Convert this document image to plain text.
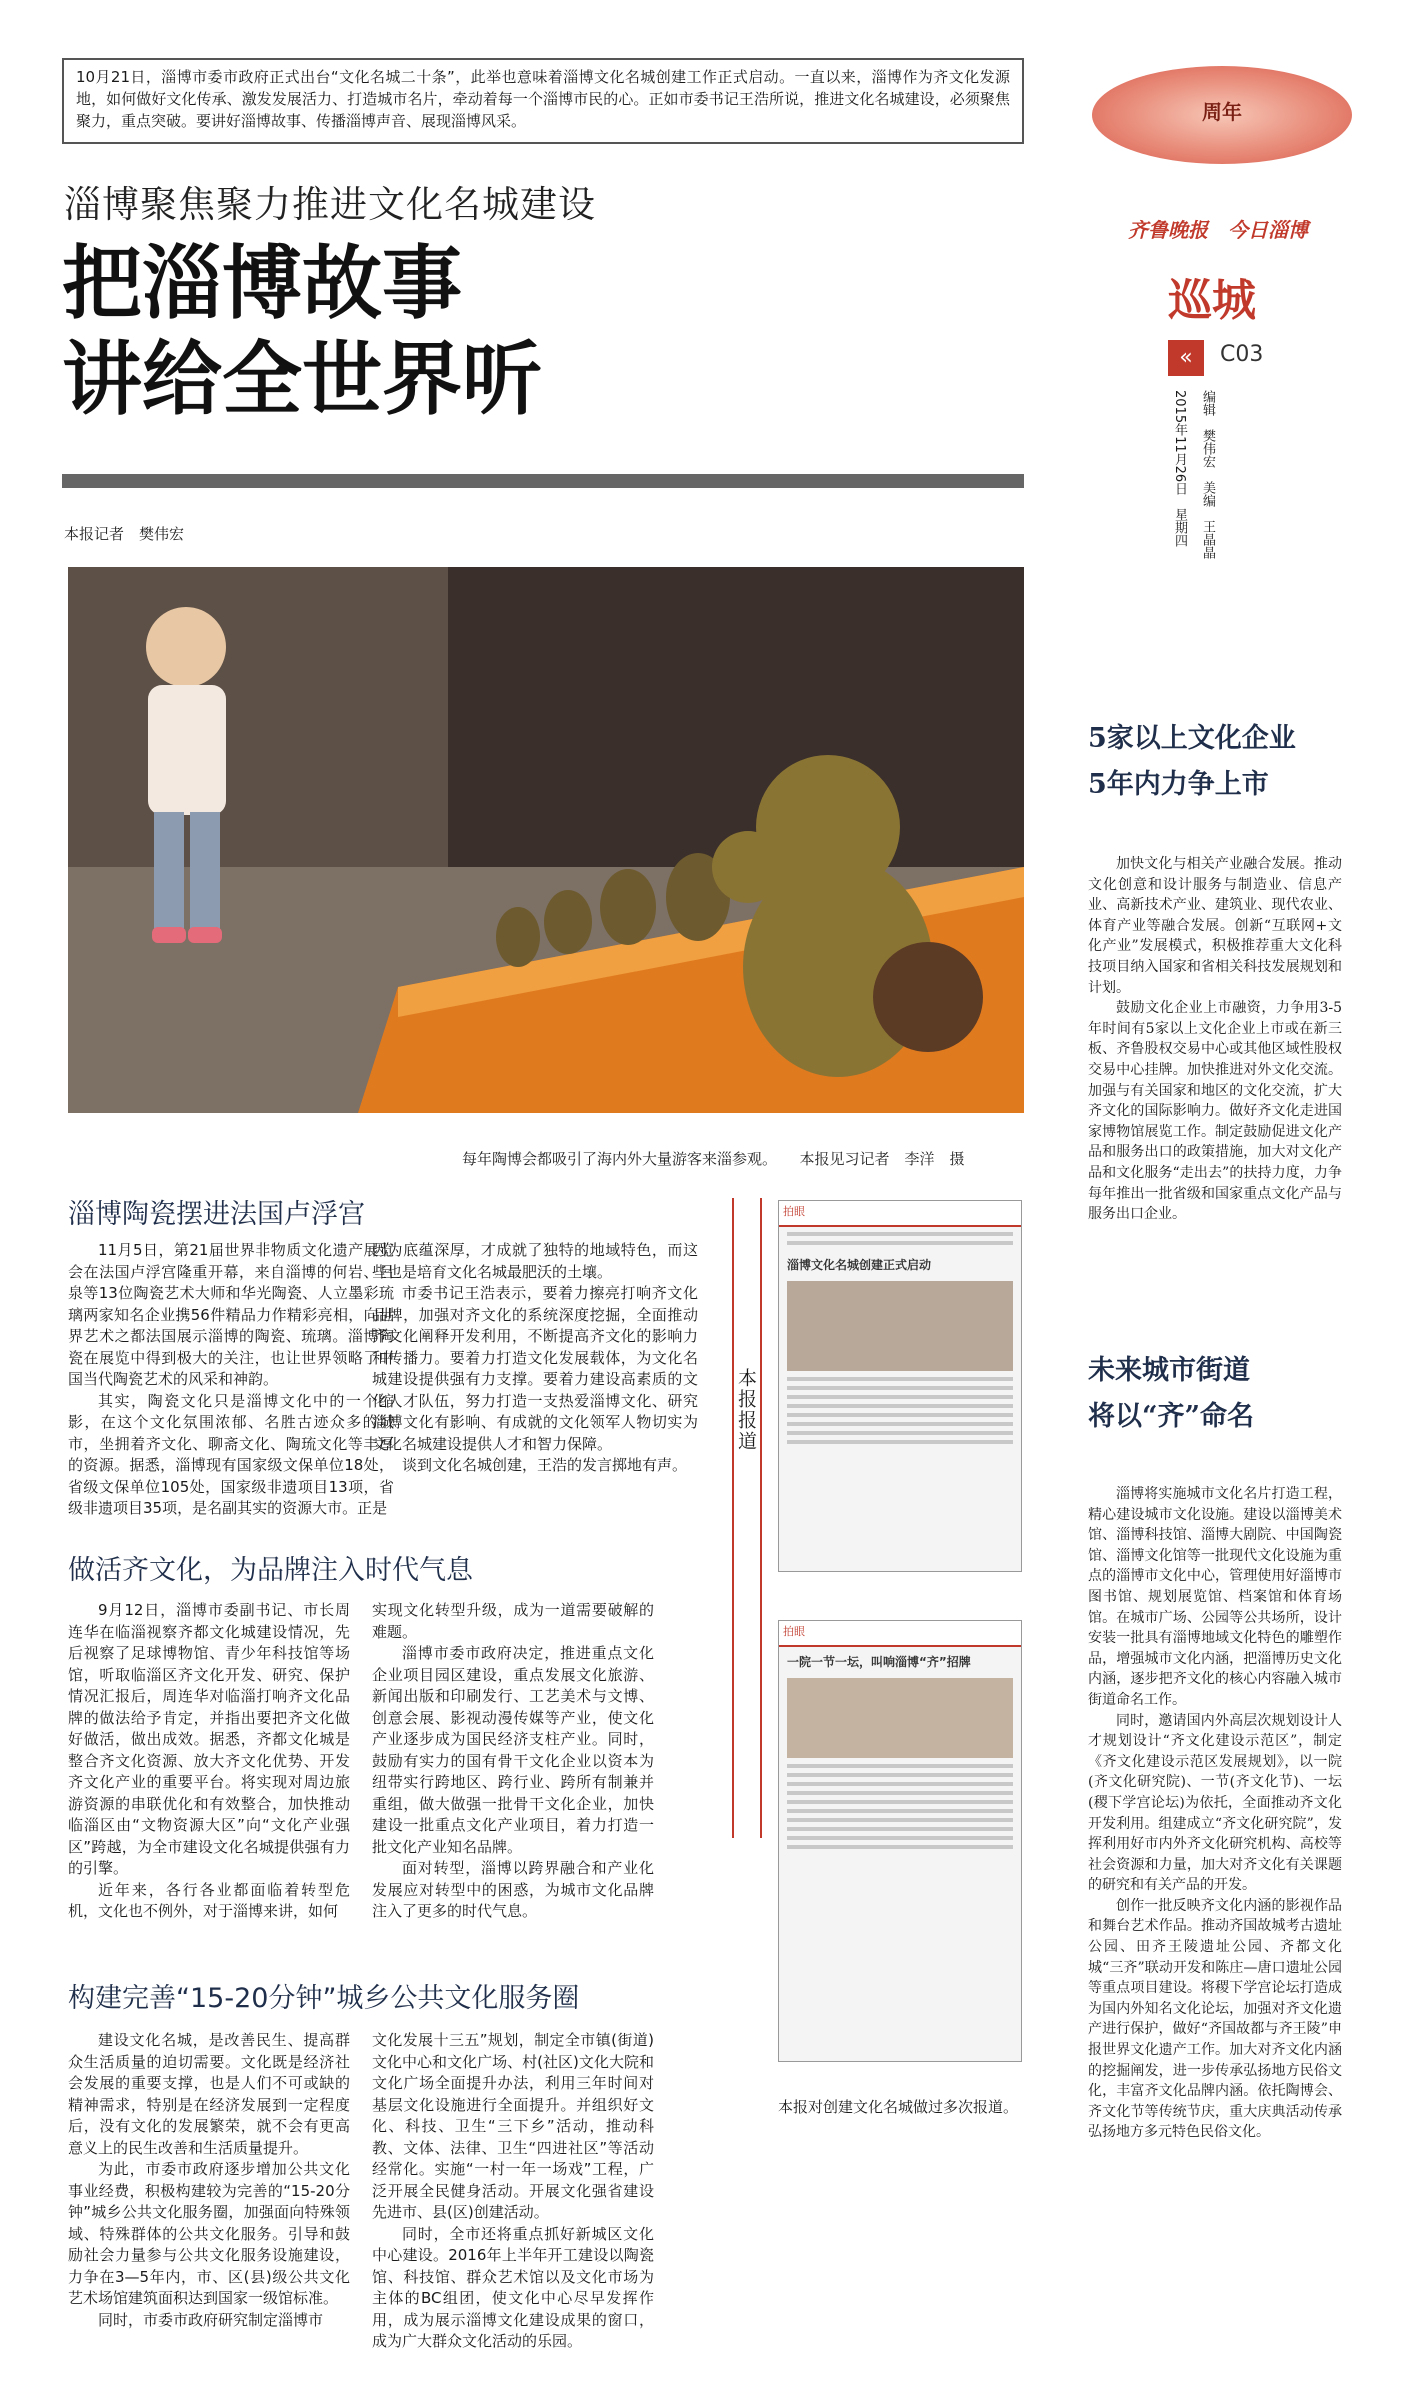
10月21日，淄博市委市政府正式出台“文化名城二十条”，此举也意味着淄博文化名城创建工作正式启动。一直以来，淄博作为齐文化发源地，如何做好文化传承、激发发展活力、打造城市名片，牵动着每一个淄博市民的心。正如市委书记王浩所说，推进文化名城建设，必须聚焦聚力，重点突破。要讲好淄博故事、传播淄博声音、展现淄博风采。
淄博聚焦聚力推进文化名城建设
把淄博故事
讲给全世界听
本报记者　樊伟宏
每年陶博会都吸引了海内外大量游客来淄参观。　　本报见习记者　李洋　摄
淄博陶瓷摆进法国卢浮宫

11月5日，第21届世界非物质文化遗产展览会在法国卢浮宫隆重开幕，来自淄博的何岩、吕泉等13位陶瓷艺术大师和华光陶瓷、人立墨彩琉璃两家知名企业携56件精品力作精彩亮相，向世界艺术之都法国展示淄博的陶瓷、琉璃。淄博陶瓷在展览中得到极大的关注，也让世界领略了中国当代陶瓷艺术的风采和神韵。

其实，陶瓷文化只是淄博文化中的一个缩影，在这个文化氛围浓郁、名胜古迹众多的城市，坐拥着齐文化、聊斋文化、陶琉文化等丰厚的资源。据悉，淄博现有国家级文保单位18处，省级文保单位105处，国家级非遗项目13项，省级非遗项目35项，是名副其实的资源大市。正是

因为底蕴深厚，才成就了独特的地域特色，而这些也是培育文化名城最肥沃的土壤。

市委书记王浩表示，要着力擦亮打响齐文化品牌，加强对齐文化的系统深度挖掘，全面推动齐文化阐释开发利用，不断提高齐文化的影响力和传播力。要着力打造文化发展载体，为文化名城建设提供强有力支撑。要着力建设高素质的文化人才队伍，努力打造一支热爱淄博文化、研究淄博文化有影响、有成就的文化领军人物切实为文化名城建设提供人才和智力保障。

谈到文化名城创建，王浩的发言掷地有声。

做活齐文化，为品牌注入时代气息

9月12日，淄博市委副书记、市长周连华在临淄视察齐都文化城建设情况，先后视察了足球博物馆、青少年科技馆等场馆，听取临淄区齐文化开发、研究、保护情况汇报后，周连华对临淄打响齐文化品牌的做法给予肯定，并指出要把齐文化做好做活，做出成效。据悉，齐都文化城是整合齐文化资源、放大齐文化优势、开发齐文化产业的重要平台。将实现对周边旅游资源的串联优化和有效整合，加快推动临淄区由“文物资源大区”向“文化产业强区”跨越，为全市建设文化名城提供强有力的引擎。

近年来，各行各业都面临着转型危机，文化也不例外，对于淄博来讲，如何

实现文化转型升级，成为一道需要破解的难题。

淄博市委市政府决定，推进重点文化企业项目园区建设，重点发展文化旅游、新闻出版和印刷发行、工艺美术与文博、创意会展、影视动漫传媒等产业，使文化产业逐步成为国民经济支柱产业。同时，鼓励有实力的国有骨干文化企业以资本为纽带实行跨地区、跨行业、跨所有制兼并重组，做大做强一批骨干文化企业，加快建设一批重点文化产业项目，着力打造一批文化产业知名品牌。

面对转型，淄博以跨界融合和产业化发展应对转型中的困惑，为城市文化品牌注入了更多的时代气息。

构建完善“15-20分钟”城乡公共文化服务圈

建设文化名城，是改善民生、提高群众生活质量的迫切需要。文化既是经济社会发展的重要支撑，也是人们不可或缺的精神需求，特别是在经济发展到一定程度后，没有文化的发展繁荣，就不会有更高意义上的民生改善和生活质量提升。

为此，市委市政府逐步增加公共文化事业经费，积极构建较为完善的“15-20分钟”城乡公共文化服务圈，加强面向特殊领域、特殊群体的公共文化服务。引导和鼓励社会力量参与公共文化服务设施建设，力争在3—5年内，市、区(县)级公共文化艺术场馆建筑面积达到国家一级馆标准。

同时，市委市政府研究制定淄博市

文化发展十三五”规划，制定全市镇(街道)文化中心和文化广场、村(社区)文化大院和文化广场全面提升办法，利用三年时间对基层文化设施进行全面提升。并组织好文化、科技、卫生“三下乡”活动，推动科教、文体、法律、卫生“四进社区”等活动经常化。实施“一村一年一场戏”工程，广泛开展全民健身活动。开展文化强省建设先进市、县(区)创建活动。

同时，全市还将重点抓好新城区文化中心建设。2016年上半年开工建设以陶瓷馆、科技馆、群众艺术馆以及文化市场为主体的BC组团，使文化中心尽早发挥作用，成为展示淄博文化建设成果的窗口，成为广大群众文化活动的乐园。

本报报道
拍眼
淄博文化名城创建正式启动
拍眼
一院一节一坛，叫响淄博“齐”招牌
本报对创建文化名城做过多次报道。
周年
齐鲁晚报　今日淄博
巡城
«	C03
2015年11月26日　星期四	编辑　樊伟宏　美编　王晶晶
5家以上文化企业
5年内力争上市

加快文化与相关产业融合发展。推动文化创意和设计服务与制造业、信息产业、高新技术产业、建筑业、现代农业、体育产业等融合发展。创新“互联网+文化产业”发展模式，积极推荐重大文化科技项目纳入国家和省相关科技发展规划和计划。

鼓励文化企业上市融资，力争用3-5年时间有5家以上文化企业上市或在新三板、齐鲁股权交易中心或其他区域性股权交易中心挂牌。加快推进对外文化交流。加强与有关国家和地区的文化交流，扩大齐文化的国际影响力。做好齐文化走进国家博物馆展览工作。制定鼓励促进文化产品和服务出口的政策措施，加大对文化产品和文化服务“走出去”的扶持力度，力争每年推出一批省级和国家重点文化产品与服务出口企业。

未来城市街道
将以“齐”命名

淄博将实施城市文化名片打造工程，精心建设城市文化设施。建设以淄博美术馆、淄博科技馆、淄博大剧院、中国陶瓷馆、淄博文化馆等一批现代文化设施为重点的淄博市文化中心，管理使用好淄博市图书馆、规划展览馆、档案馆和体育场馆。在城市广场、公园等公共场所，设计安装一批具有淄博地域文化特色的雕塑作品，增强城市文化内涵，把淄博历史文化内涵，逐步把齐文化的核心内容融入城市街道命名工作。

同时，邀请国内外高层次规划设计人才规划设计“齐文化建设示范区”，制定《齐文化建设示范区发展规划》，以一院(齐文化研究院)、一节(齐文化节)、一坛(稷下学宫论坛)为依托，全面推动齐文化开发利用。组建成立“齐文化研究院”，发挥利用好市内外齐文化研究机构、高校等社会资源和力量，加大对齐文化有关课题的研究和有关产品的开发。

创作一批反映齐文化内涵的影视作品和舞台艺术作品。推动齐国故城考古遗址公园、田齐王陵遗址公园、齐都文化城“三齐”联动开发和陈庄—唐口遗址公园等重点项目建设。将稷下学宫论坛打造成为国内外知名文化论坛，加强对齐文化遗产进行保护，做好“齐国故都与齐王陵”申报世界文化遗产工作。加大对齐文化内涵的挖掘阐发，进一步传承弘扬地方民俗文化，丰富齐文化品牌内涵。依托陶博会、齐文化节等传统节庆，重大庆典活动传承弘扬地方多元特色民俗文化。
